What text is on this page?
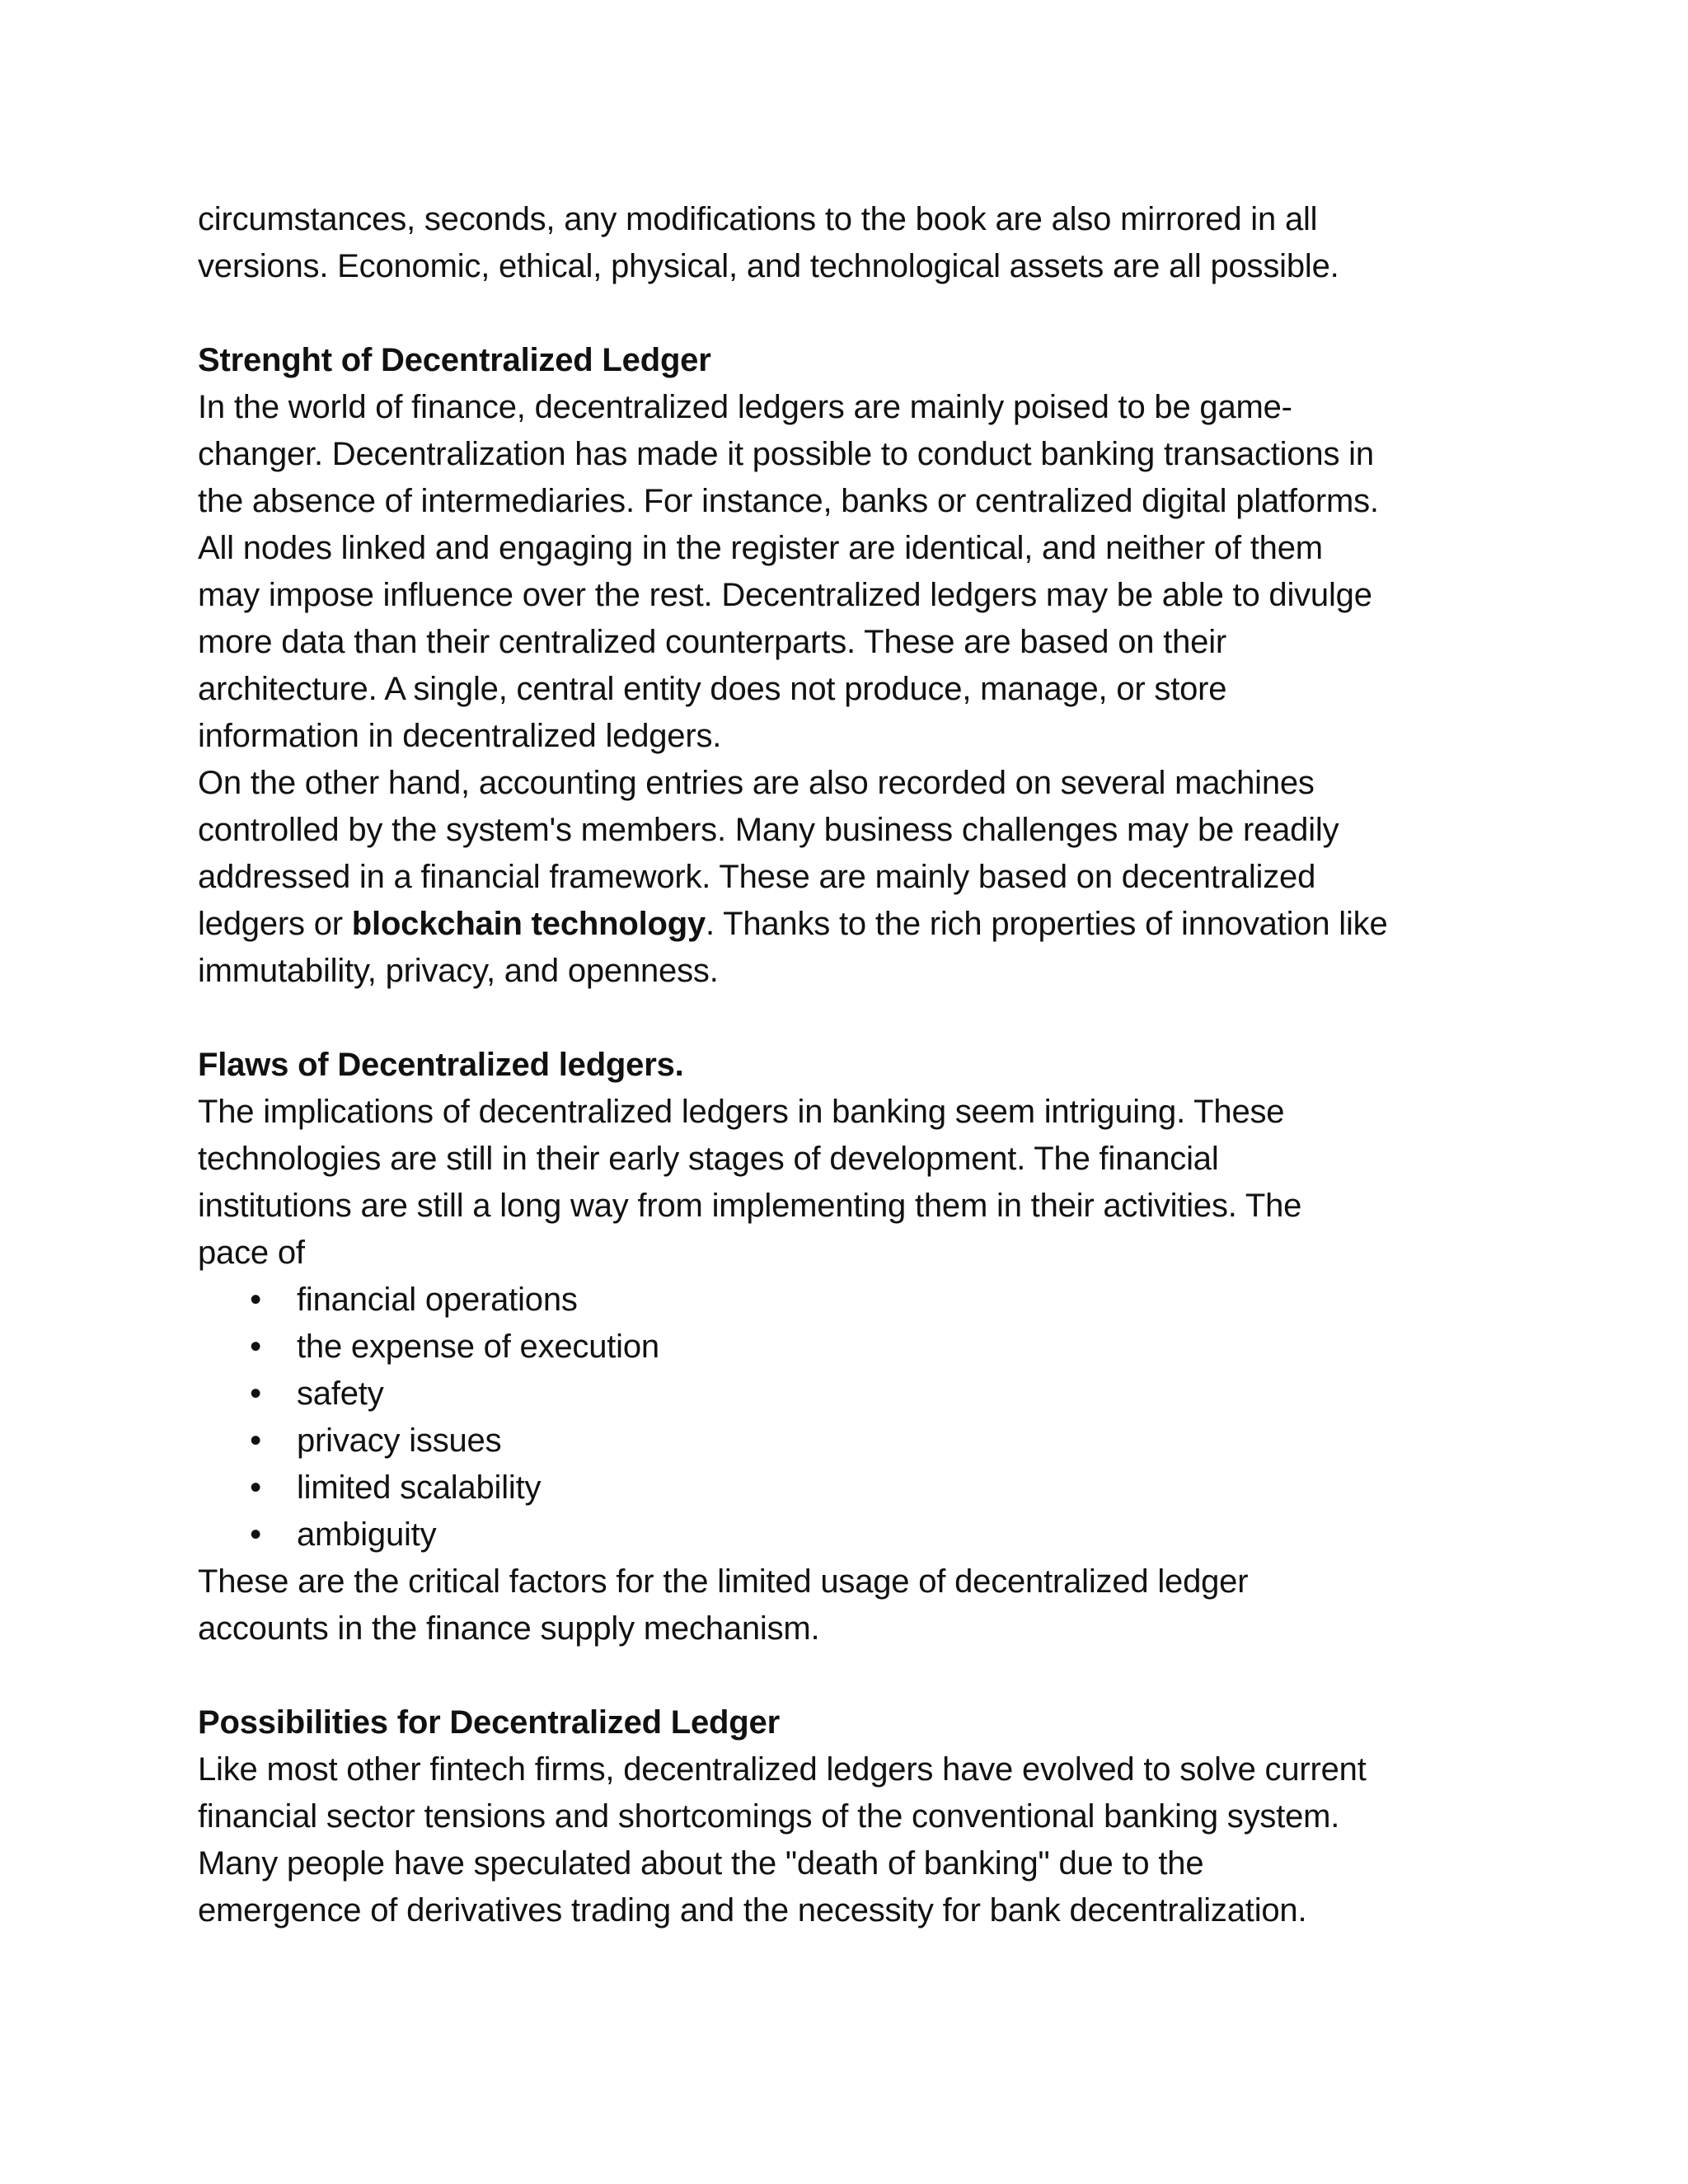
circumstances, seconds, any modifications to the book are also mirrored in all
versions. Economic, ethical, physical, and technological assets are all possible.
Strenght of Decentralized Ledger
In the world of finance, decentralized ledgers are mainly poised to be game-
changer. Decentralization has made it possible to conduct banking transactions in
the absence of intermediaries. For instance, banks or centralized digital platforms.
All nodes linked and engaging in the register are identical, and neither of them
may impose influence over the rest. Decentralized ledgers may be able to divulge
more data than their centralized counterparts. These are based on their
architecture. A single, central entity does not produce, manage, or store
information in decentralized ledgers.
On the other hand, accounting entries are also recorded on several machines
controlled by the system's members. Many business challenges may be readily
addressed in a financial framework. These are mainly based on decentralized
ledgers or blockchain technology. Thanks to the rich properties of innovation like
immutability, privacy, and openness.
Flaws of Decentralized ledgers.
The implications of decentralized ledgers in banking seem intriguing. These
technologies are still in their early stages of development. The financial
institutions are still a long way from implementing them in their activities. The
pace of
• financial operations
• the expense of execution
• safety
• privacy issues
• limited scalability
• ambiguity
These are the critical factors for the limited usage of decentralized ledger
accounts in the finance supply mechanism.
Possibilities for Decentralized Ledger
Like most other fintech firms, decentralized ledgers have evolved to solve current
financial sector tensions and shortcomings of the conventional banking system.
Many people have speculated about the "death of banking" due to the
emergence of derivatives trading and the necessity for bank decentralization.
